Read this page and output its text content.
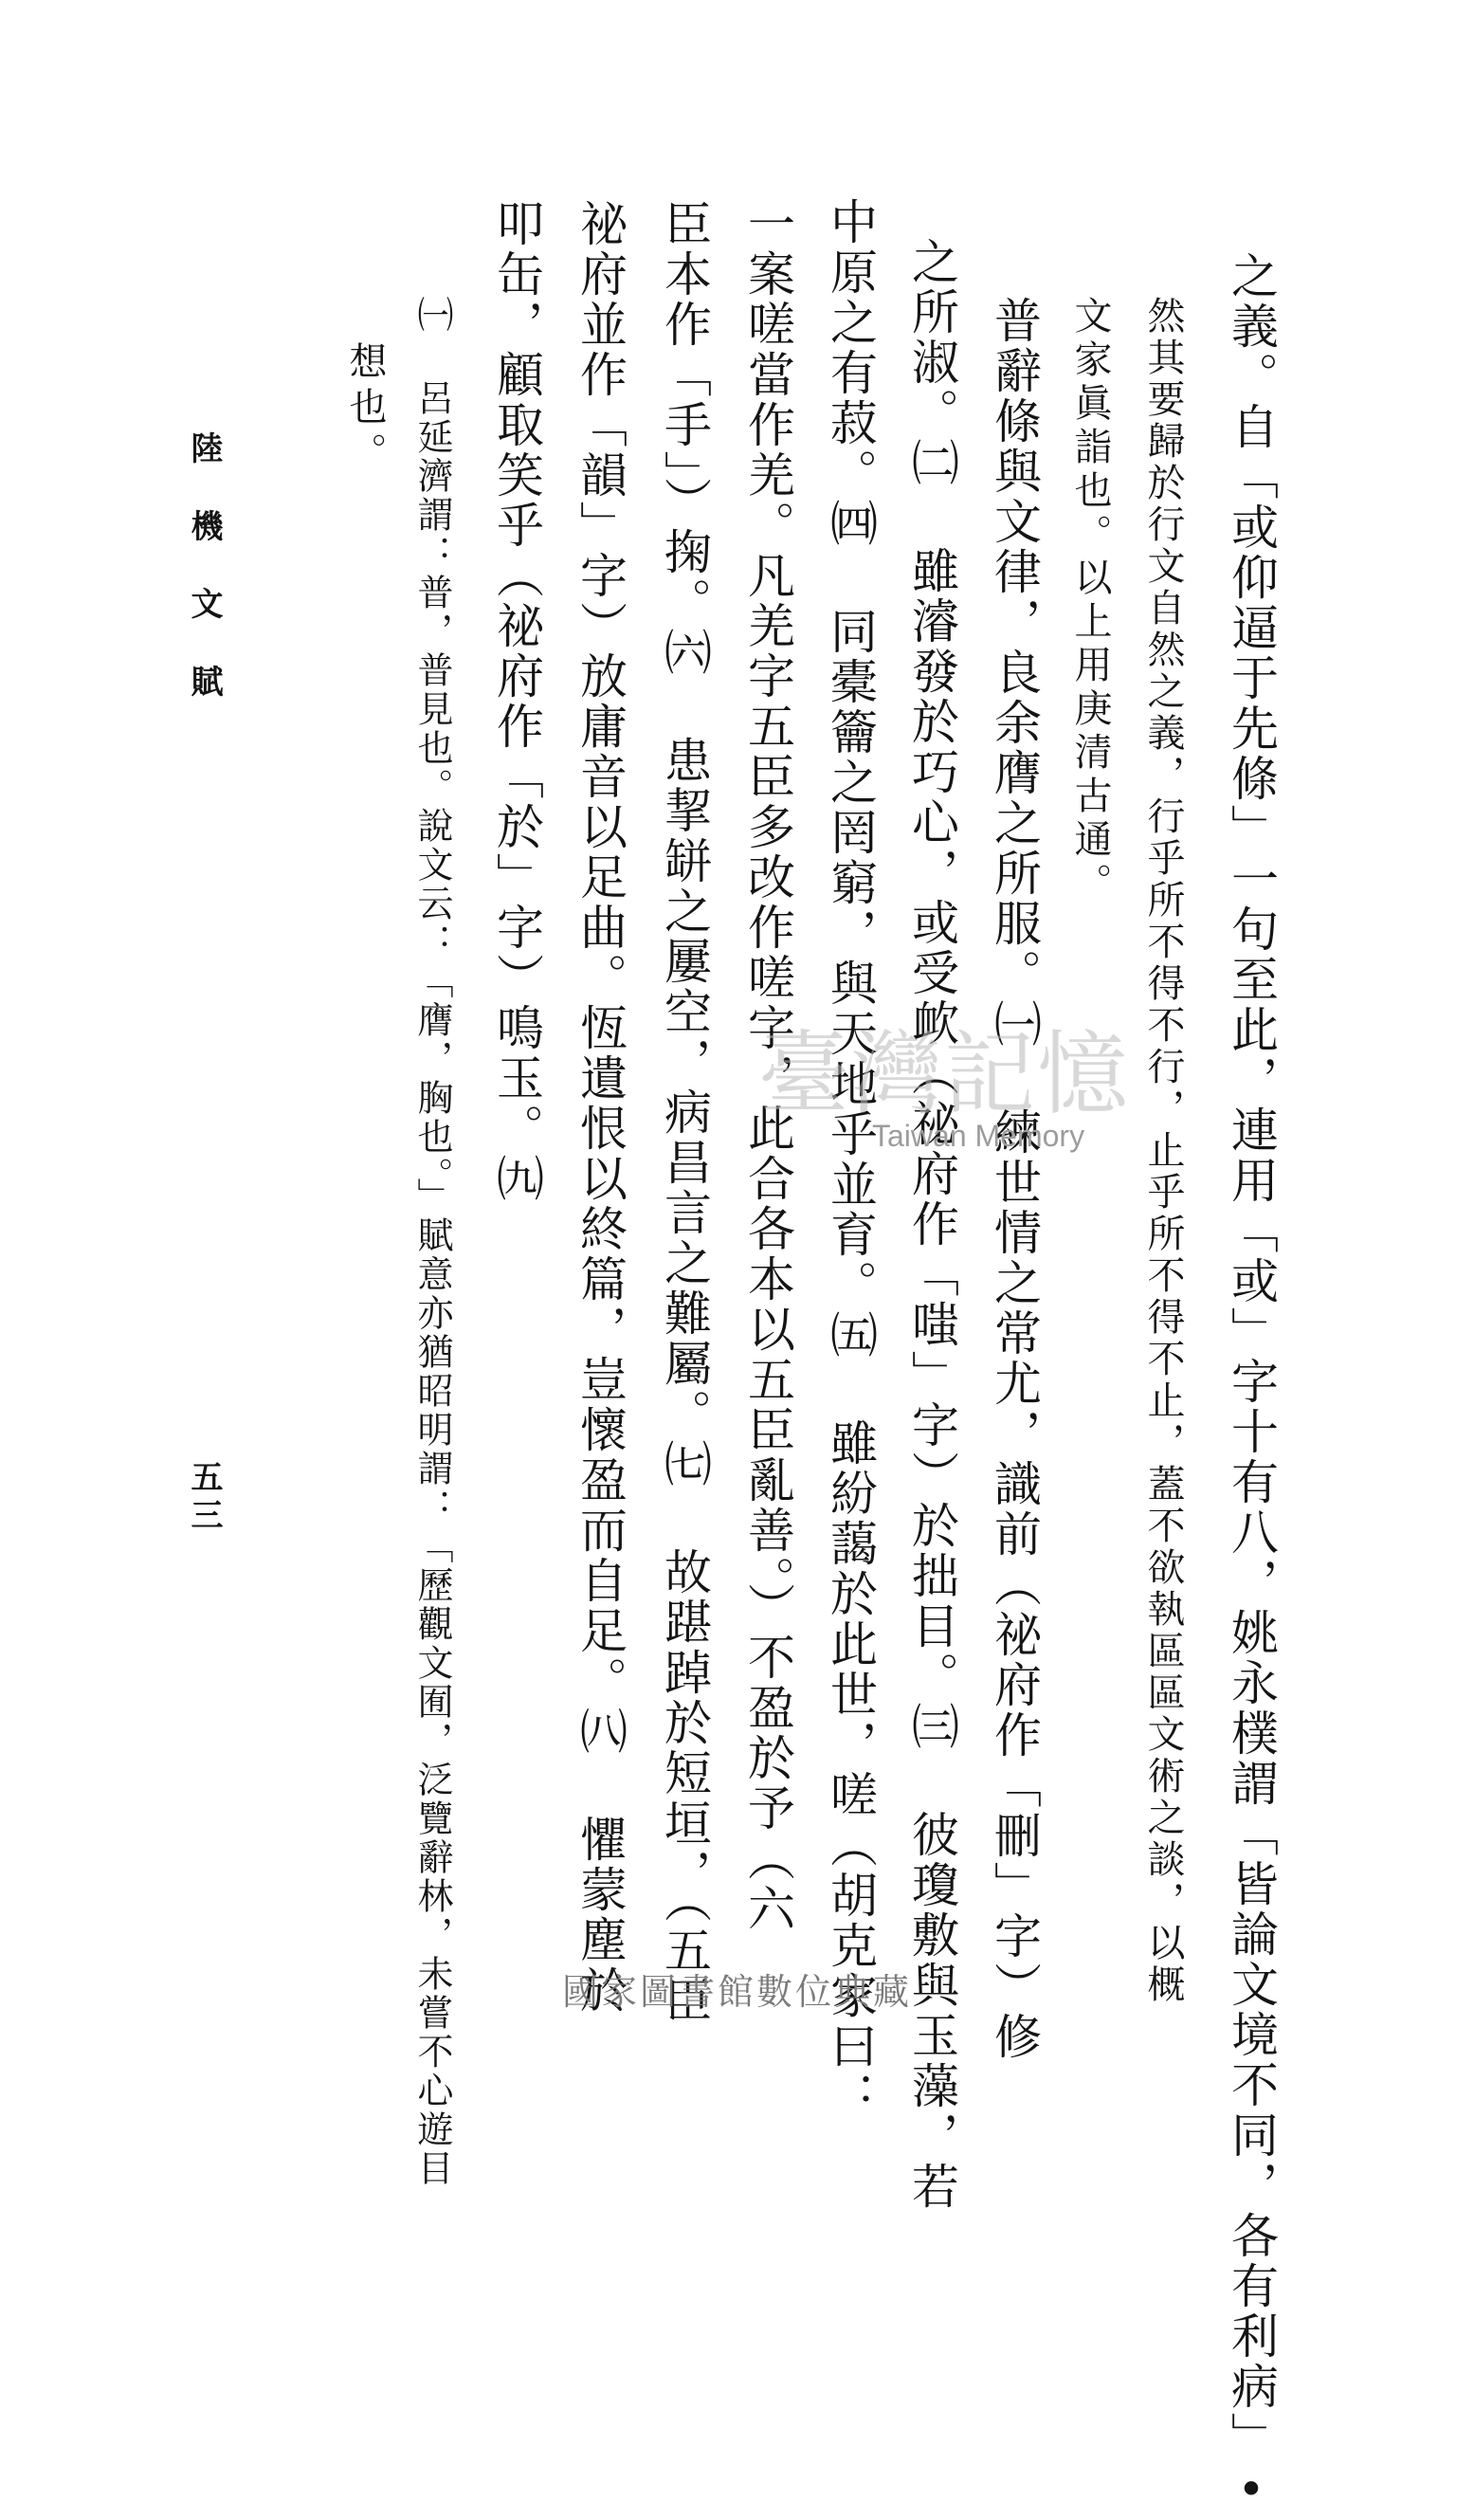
之義。自「或仰逼于先條」一句至此，連用「或」字十有八，姚永樸謂「皆論文境不同，各有利病」•
然其要歸於行文自然之義，行乎所不得不行，止乎所不得不止，蓋不欲執區區文術之談，以概
文家眞詣也。以上用庚清古通。
普辭條與文律，良余膺之所服。㈠ 練世情之常尤，識前（祕府作「刪」字）修
之所淑。㈡ 雖濬發於巧心，或受欰（祕府作「嗤」字）於拙目。㈢ 彼瓊敷與玉藻，若
中原之有菽。㈣ 同橐籥之罔窮，與天地乎並育。㈤ 雖紛藹於此世，嗟（胡克家曰：
一案嗟當作羌。凡羌字五臣多改作嗟字，此合各本以五臣亂善。）不盈於予（六
臣本作「手」）掬。㈥ 患挈缾之屢空，病昌言之難屬。㈦ 故踸踔於短垣，（五臣
祕府並作「韻」字）放庸音以足曲。恆遺恨以終篇，豈懷盈而自足。㈧ 懼蒙塵於
叩缶，顧取笑乎（祕府作「於」字）鳴玉。㈨
㈠ 呂延濟謂：普，普見也。說文云：「膺，胸也。」賦意亦猶昭明謂：「歷觀文囿，泛覽辭林，未嘗不心遊目
想也。
陸機文賦
五三
臺灣記憶
Taiwan Memory
國家圖書館數位典藏
